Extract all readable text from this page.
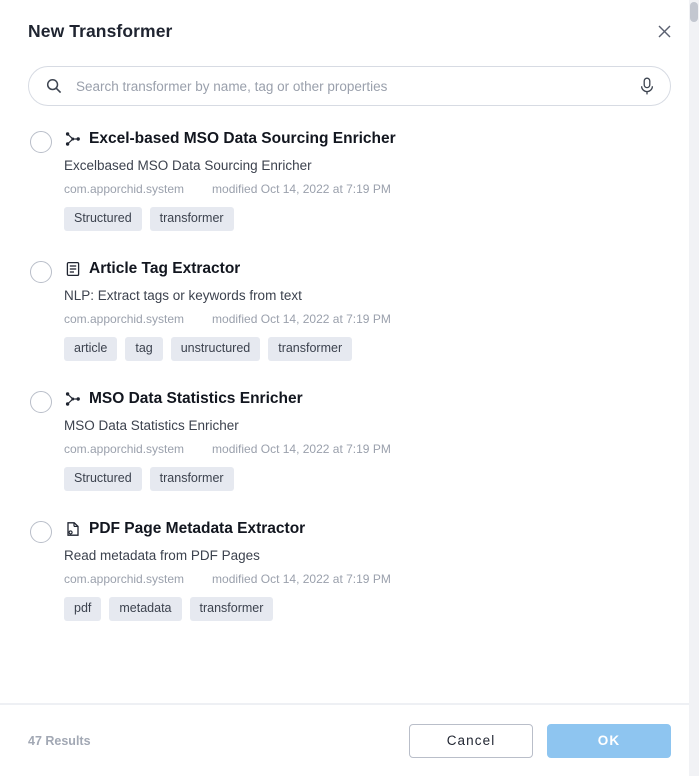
New Transformer
Search transformer by name, tag or other properties
Excel-based MSO Data Sourcing Enricher
Excelbased MSO Data Sourcing Enricher
com.apporchid.system modified Oct 14, 2022 at 7:19 PM
Structured	transformer
Article Tag Extractor
NLP: Extract tags or keywords from text
com.apporchid.system modified Oct 14, 2022 at 7:19 PM
article	tag	unstructured	transformer
MSO Data Statistics Enricher
MSO Data Statistics Enricher
com.apporchid.system modified Oct 14, 2022 at 7:19 PM
Structured	transformer
PDF Page Metadata Extractor
Read metadata from PDF Pages
com.apporchid.system modified Oct 14, 2022 at 7:19 PM
pdf	metadata	transformer
47 Results	Cancel	OK
